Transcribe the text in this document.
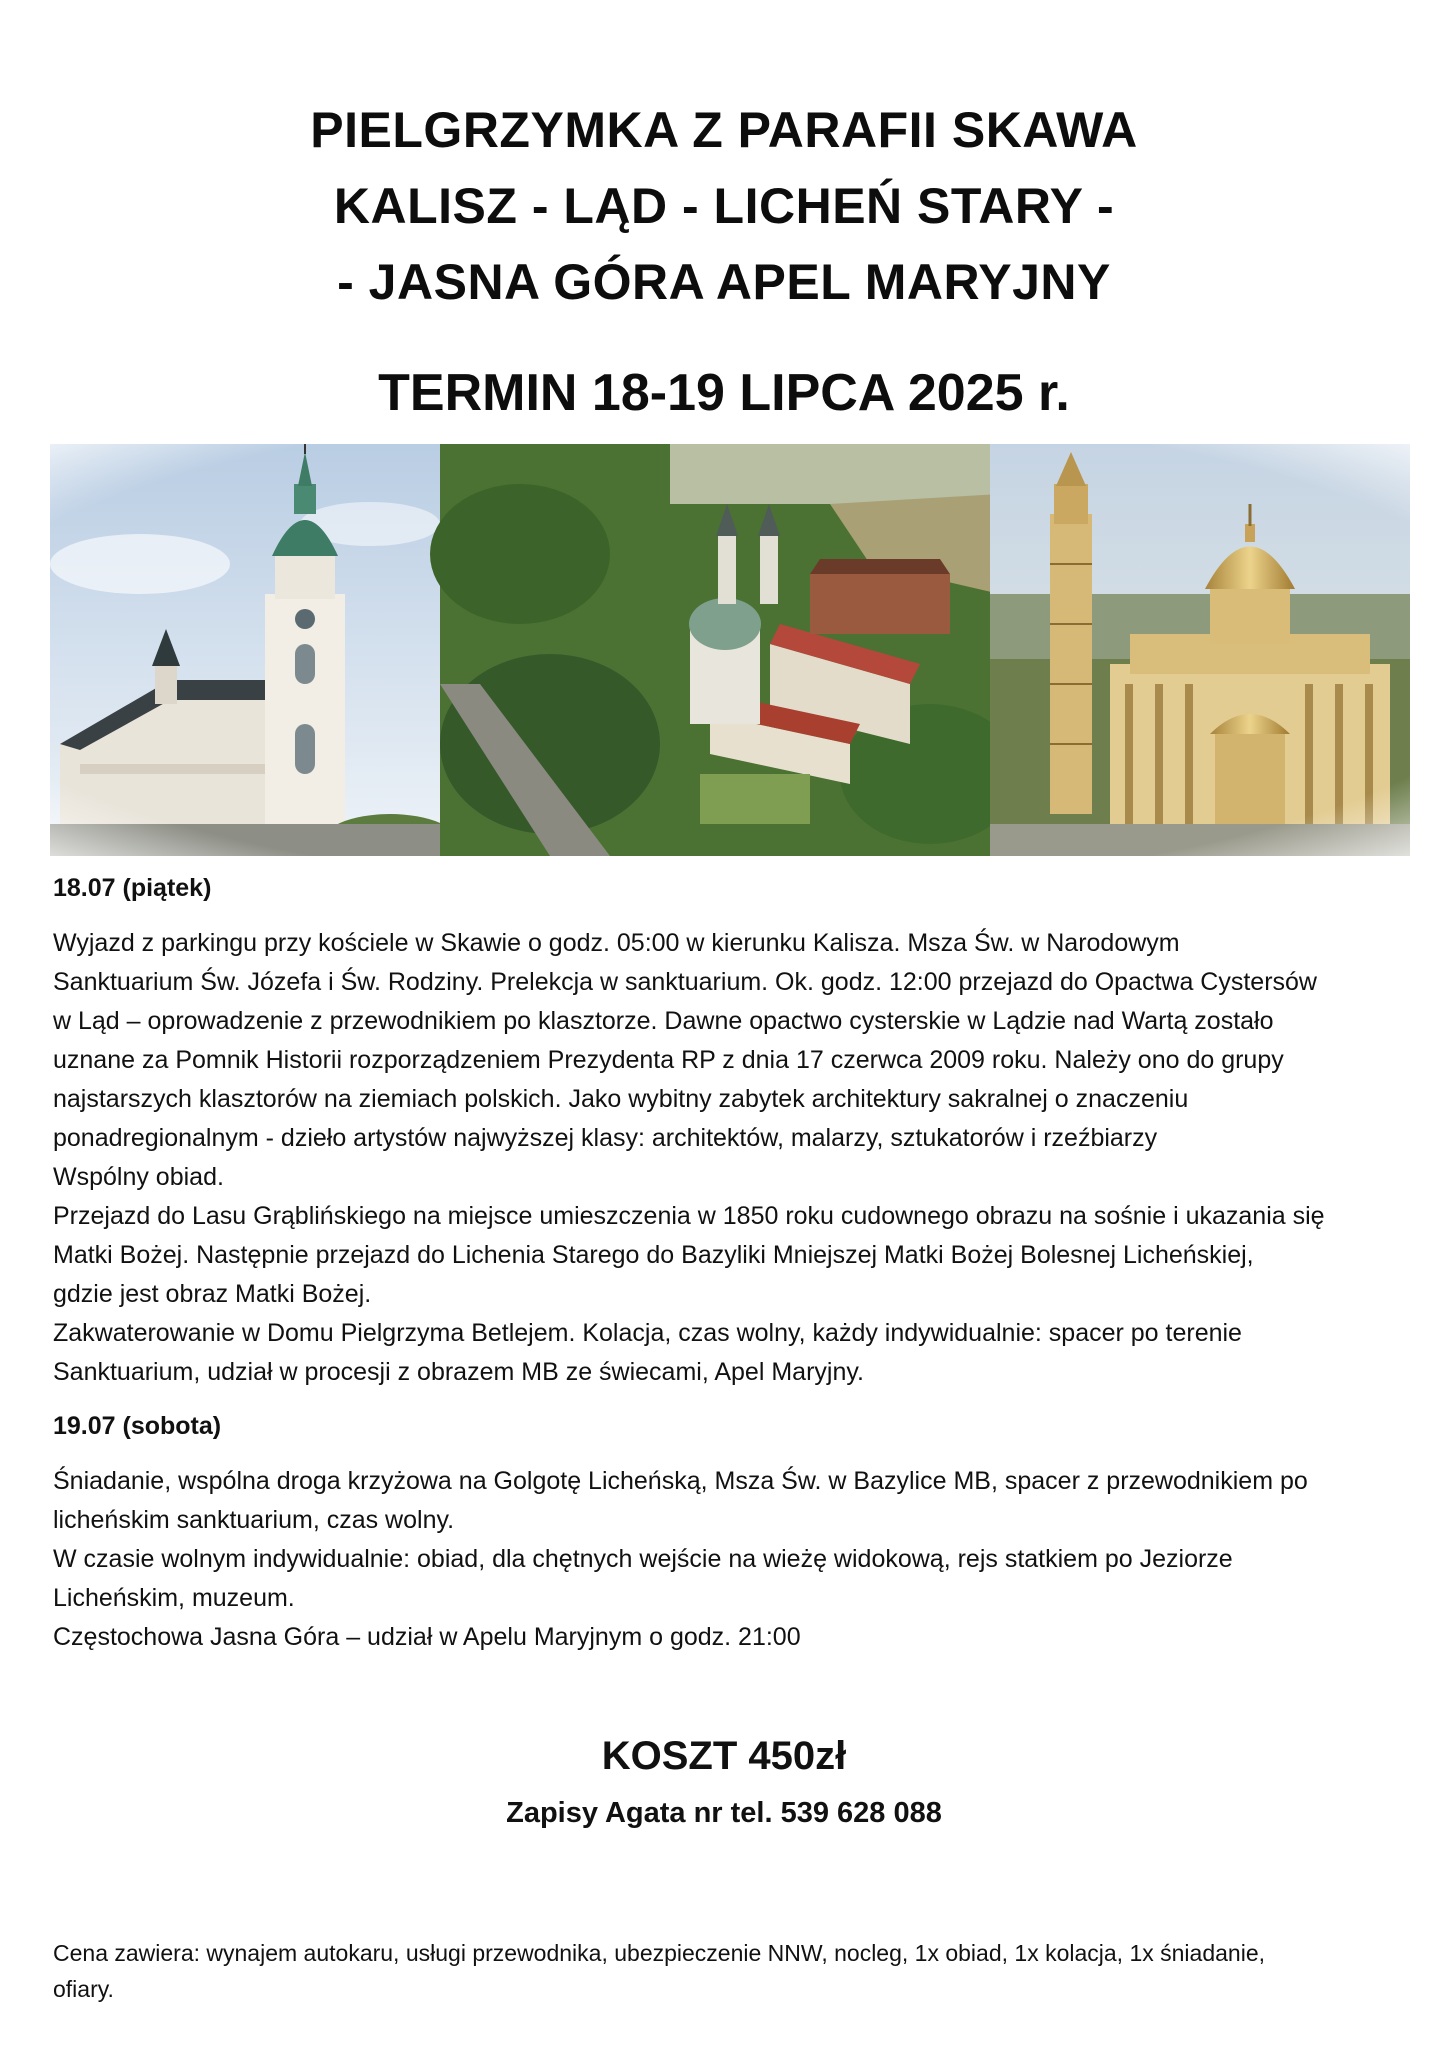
PIELGRZYMKA Z PARAFII SKAWA
KALISZ - LĄD - LICHEŃ STARY -
- JASNA GÓRA APEL MARYJNY
TERMIN 18-19 LIPCA 2025 r.

18.07 (piątek)

Wyjazd z parkingu przy kościele w Skawie o godz. 05:00 w kierunku Kalisza. Msza Św. w Narodowym

Sanktuarium Św. Józefa i Św. Rodziny. Prelekcja w sanktuarium. Ok. godz. 12:00 przejazd do Opactwa Cystersów

w Ląd – oprowadzenie z przewodnikiem po klasztorze. Dawne opactwo cysterskie w Lądzie nad Wartą zostało

uznane za Pomnik Historii rozporządzeniem Prezydenta RP z dnia 17 czerwca 2009 roku. Należy ono do grupy

najstarszych klasztorów na ziemiach polskich. Jako wybitny zabytek architektury sakralnej o znaczeniu

ponadregionalnym - dzieło artystów najwyższej klasy: architektów, malarzy, sztukatorów i rzeźbiarzy

Wspólny obiad.

Przejazd do Lasu Grąblińskiego na miejsce umieszczenia w 1850 roku cudownego obrazu na sośnie i ukazania się

Matki Bożej. Następnie przejazd do Lichenia Starego do Bazyliki Mniejszej Matki Bożej Bolesnej Licheńskiej,

gdzie jest obraz Matki Bożej.

Zakwaterowanie w Domu Pielgrzyma Betlejem. Kolacja, czas wolny, każdy indywidualnie: spacer po terenie

Sanktuarium, udział w procesji z obrazem MB ze świecami, Apel Maryjny.

19.07 (sobota)

Śniadanie, wspólna droga krzyżowa na Golgotę Licheńską, Msza Św. w Bazylice MB, spacer z przewodnikiem po

licheńskim sanktuarium, czas wolny.

W czasie wolnym indywidualnie: obiad, dla chętnych wejście na wieżę widokową, rejs statkiem po Jeziorze

Licheńskim, muzeum.

Częstochowa Jasna Góra – udział w Apelu Maryjnym o godz. 21:00

KOSZT 450zł
Zapisy Agata nr tel. 539 628 088
Cena zawiera: wynajem autokaru, usługi przewodnika, ubezpieczenie NNW, nocleg, 1x obiad, 1x kolacja, 1x śniadanie,
ofiary.
